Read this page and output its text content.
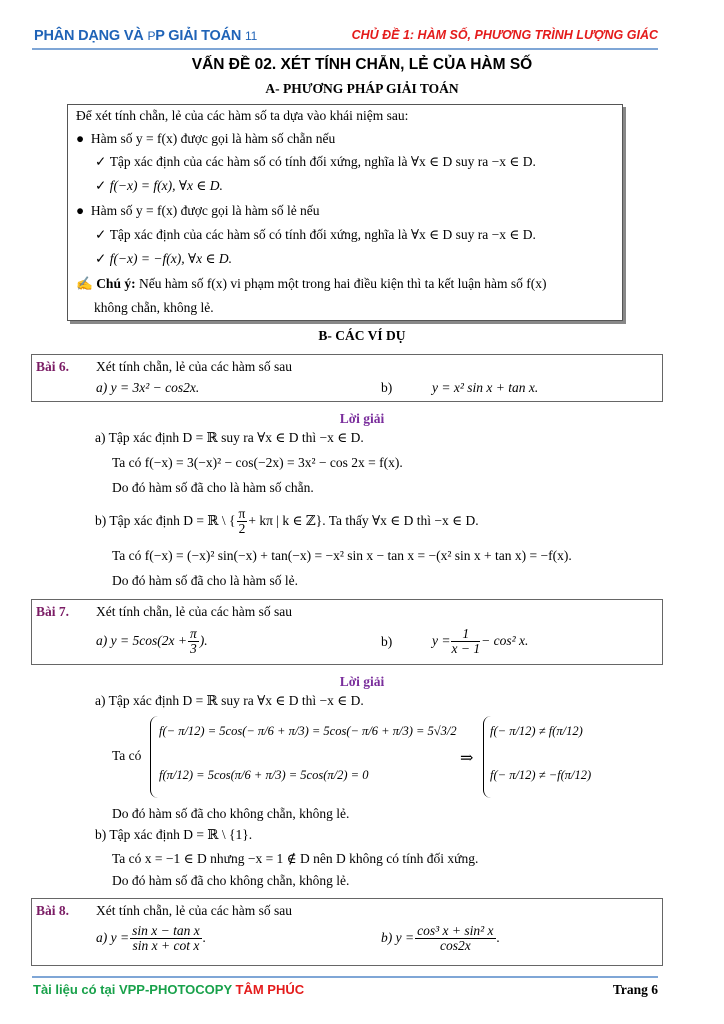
PHÂN DẠNG VÀ PP GIẢI TOÁN 11	CHỦ ĐỀ 1: HÀM SỐ, PHƯƠNG TRÌNH LƯỢNG GIÁC
VẤN ĐỀ 02. XÉT TÍNH CHẴN, LẺ CỦA HÀM SỐ
A- PHƯƠNG PHÁP GIẢI TOÁN
Để xét tính chẵn, lẻ của các hàm số ta dựa vào khái niệm sau:
●  Hàm số y = f(x) được gọi là hàm số chẵn nếu
✓ Tập xác định của các hàm số có tính đối xứng, nghĩa là ∀x ∈ D suy ra −x ∈ D.
✓ f(−x) = f(x), ∀x ∈ D.
●  Hàm số y = f(x) được gọi là hàm số lẻ nếu
✓ Tập xác định của các hàm số có tính đối xứng, nghĩa là ∀x ∈ D suy ra −x ∈ D.
✓ f(−x) = −f(x), ∀x ∈ D.
✍ Chú ý: Nếu hàm số f(x) vi phạm một trong hai điều kiện thì ta kết luận hàm số f(x)
không chẵn, không lẻ.
B- CÁC VÍ DỤ
Bài 6. Xét tính chẵn, lẻ của các hàm số sau
a) y = 3x² − cos2x.	b)	y = x² sin x + tan x.
Lời giải
a) Tập xác định D = ℝ suy ra ∀x ∈ D thì −x ∈ D.
Ta có f(−x) = 3(−x)² − cos(−2x) = 3x² − cos 2x = f(x).
Do đó hàm số đã cho là hàm số chẵn.
b) Tập xác định D = ℝ \ { $\frac{\pi}{2} + k\pi$ | k ∈ ℤ}. Ta thấy ∀x ∈ D thì −x ∈ D.
Ta có f(−x) = (−x)² sin(−x) + tan(−x) = −x² sin x − tan x = −(x² sin x + tan x) = −f(x).
Do đó hàm số đã cho là hàm số lẻ.
Bài 7. Xét tính chẵn, lẻ của các hàm số sau
a) $y = 5\cos(2x + \frac{\pi}{3}$ ).	b)	$y = \frac{1}{x - 1} - \cos^2$ x.
Lời giải
a) Tập xác định D = ℝ suy ra ∀x ∈ D thì −x ∈ D.
Ta có
f(− π/12) = 5cos(− π/6 + π/3) = 5cos(− π/6 + π/3) = 5√3/2
f(π/12) = 5cos(π/6 + π/3) = 5cos(π/2) = 0
⇒
f(− π/12) ≠ f(π/12)
f(− π/12) ≠ −f(π/12)
Do đó hàm số đã cho không chẵn, không lẻ.
b) Tập xác định D = ℝ \ {1}.
Ta có x = −1 ∈ D nhưng −x = 1 ∉ D nên D không có tính đối xứng.
Do đó hàm số đã cho không chẵn, không lẻ.
Bài 8. Xét tính chẵn, lẻ của các hàm số sau
a) $y = \frac{\text{sin x − tan x}}{\text{sin x + cot x}}$ .	b) $y = \frac{\text{cos³ x + sin² x}}{\cos 2x}$ .
Tài liệu có tại VPP-PHOTOCOPY TÂM PHÚC	Trang 6
